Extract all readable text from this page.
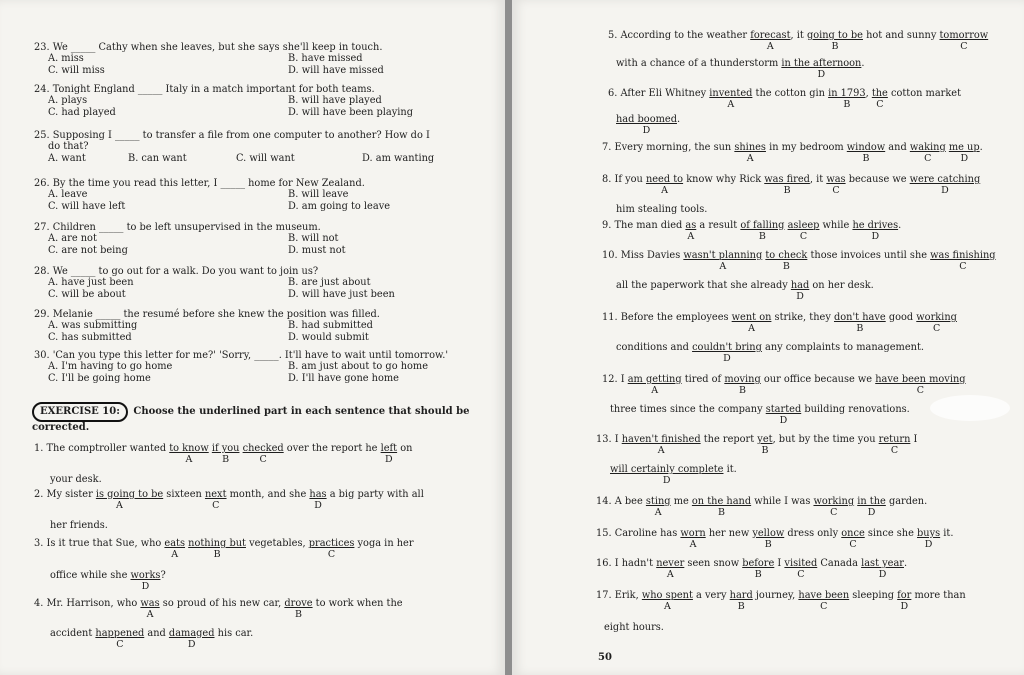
23. We _____ Cathy when she leaves, but she says she'll keep in touch.
A. miss	B. have missed
C. will miss	D. will have missed
24. Tonight England _____ Italy in a match important for both teams.
A. plays	B. will have played
C. had played	D. will have been playing
25. Supposing I _____ to transfer a file from one computer to another? How do I
do that?
A. want	B. can want	C. will want	D. am wanting
26. By the time you read this letter, I _____ home for New Zealand.
A. leave	B. will leave
C. will have left	D. am going to leave
27. Children _____ to be left unsupervised in the museum.
A. are not	B. will not
C. are not being	D. must not
28. We _____ to go out for a walk. Do you want to join us?
A. have just been	B. are just about
C. will be about	D. will have just been
29. Melanie _____ the resumé before she knew the position was filled.
A. was submitting	B. had submitted
C. has submitted	D. would submit
30. 'Can you type this letter for me?' 'Sorry, _____. It'll have to wait until tomorrow.'
A. I'm having to go home	B. am just about to go home
C. I'll be going home	D. I'll have gone home
EXERCISE 10: Choose the underlined part in each sentence that should be
corrected.
1. The comptroller wanted to know
A
if you
B
checked
C
over the report he left
D
on
your desk.
2. My sister is going to be
A
sixteen next
C
month, and she has
D
a big party with all
her friends.
3. Is it true that Sue, who eats
A
nothing but
B
vegetables, practices
C
yoga in her
office while she works
D
?
4. Mr. Harrison, who was
A
so proud of his new car, drove
B
to work when the
accident happened
C
and damaged
D
his car.
5. According to the weather forecast
A
, it going to be
B
hot and sunny tomorrow
C
with a chance of a thunderstorm in the afternoon
D
.
6. After Eli Whitney invented
A
the cotton gin in 1793
B
, the
C
cotton market
had boomed
D
.
7. Every morning, the sun shines
A
in my bedroom window
B
and waking
C
me up
D
.
8. If you need to
A
know why Rick was fired
B
, it was
C
because we were catching
D
him stealing tools.
9. The man died as
A
a result of falling
B
asleep
C
while he drives
D
.
10. Miss Davies wasn't planning
A
to check
B
those invoices until she was finishing
C
all the paperwork that she already had
D
on her desk.
11. Before the employees went on
A
strike, they don't have
B
good working
C
conditions and couldn't bring
D
any complaints to management.
12. I am getting
A
tired of moving
B
our office because we have been moving
C
three times since the company started
D
building renovations.
13. I haven't finished
A
the report yet
B
, but by the time you return
C
I
will certainly complete
D
it.
14. A bee sting
A
me on the hand
B
while I was working
C
in the
D
garden.
15. Caroline has worn
A
her new yellow
B
dress only once
C
since she buys
D
it.
16. I hadn't never
A
seen snow before
B
I visited
C
Canada last year
D
.
17. Erik, who spent
A
a very hard
B
journey, have been
C
sleeping for
D
more than
eight hours.
50
